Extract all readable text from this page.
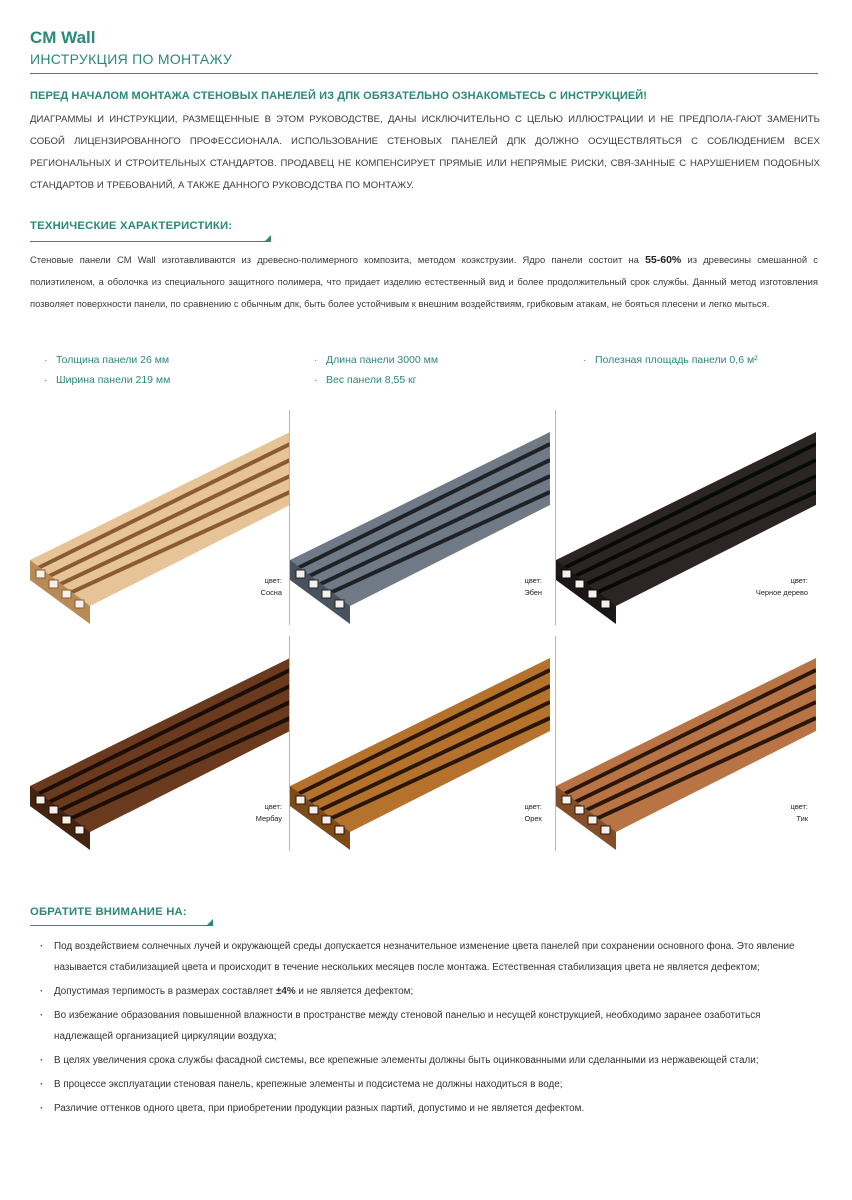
CM Wall
ИНСТРУКЦИЯ ПО МОНТАЖУ
ПЕРЕД НАЧАЛОМ МОНТАЖА СТЕНОВЫХ ПАНЕЛЕЙ ИЗ ДПК ОБЯЗАТЕЛЬНО ОЗНАКОМЬТЕСЬ С ИНСТРУКЦИЕЙ!
ДИАГРАММЫ И ИНСТРУКЦИИ, РАЗМЕЩЕННЫЕ В ЭТОМ РУКОВОДСТВЕ, ДАНЫ ИСКЛЮЧИТЕЛЬНО С ЦЕЛЬЮ ИЛЛЮСТРАЦИИ И НЕ ПРЕДПОЛА-ГАЮТ ЗАМЕНИТЬ СОБОЙ ЛИЦЕНЗИРОВАННОГО ПРОФЕССИОНАЛА. ИСПОЛЬЗОВАНИЕ СТЕНОВЫХ ПАНЕЛЕЙ ДПК ДОЛЖНО ОСУЩЕСТВЛЯТЬСЯ С СОБЛЮДЕНИЕМ ВСЕХ РЕГИОНАЛЬНЫХ И СТРОИТЕЛЬНЫХ СТАНДАРТОВ. ПРОДАВЕЦ НЕ КОМПЕНСИРУЕТ ПРЯМЫЕ ИЛИ НЕПРЯМЫЕ РИСКИ, СВЯ-ЗАННЫЕ С НАРУШЕНИЕМ ПОДОБНЫХ СТАНДАРТОВ И ТРЕБОВАНИЙ, А ТАКЖЕ ДАННОГО РУКОВОДСТВА ПО МОНТАЖУ.
ТЕХНИЧЕСКИЕ ХАРАКТЕРИСТИКИ:
Стеновые панели CM Wall изготавливаются из древесно-полимерного композита, методом коэкструзии. Ядро панели состоит на 55-60% из древесины смешанной с полиэтиленом, а оболочка из специального защитного полимера, что придает изделию естественный вид и более продолжительный срок службы. Данный метод изготовления позволяет поверхности панели, по сравнению с обычным дпк, быть более устойчивым к внешним воздействиям, грибковым атакам, не бояться плесени и легко мыться.
· Толщина панели 26 мм
· Ширина панели 219 мм
· Длина панели 3000 мм
· Вес панели 8,55 кг
· Полезная площадь панели 0,6 м²
цвет:
Сосна
цвет:
Эбен
цвет:
Черное дерево
цвет:
Мербау
цвет:
Орех
цвет:
Тик
ОБРАТИТЕ ВНИМАНИЕ НА:
· Под воздействием солнечных лучей и окружающей среды допускается незначительное изменение цвета панелей при сохранении основного фона. Это явление называется стабилизацией цвета и происходит в течение нескольких месяцев после монтажа. Естественная стабилизация цвета не является дефектом;
· Допустимая терпимость в размерах составляет ±4% и не является дефектом;
· Во избежание образования повышенной влажности в пространстве между стеновой панелью и несущей конструкцией, необходимо заранее озаботиться надлежащей организацией циркуляции воздуха;
· В целях увеличения срока службы фасадной системы, все крепежные элементы должны быть оцинкованными или сделанными из нержавеющей стали;
· В процессе эксплуатации стеновая панель, крепежные элементы и подсистема не должны находиться в воде;
· Различие оттенков одного цвета, при приобретении продукции разных партий, допустимо и не является дефектом.
